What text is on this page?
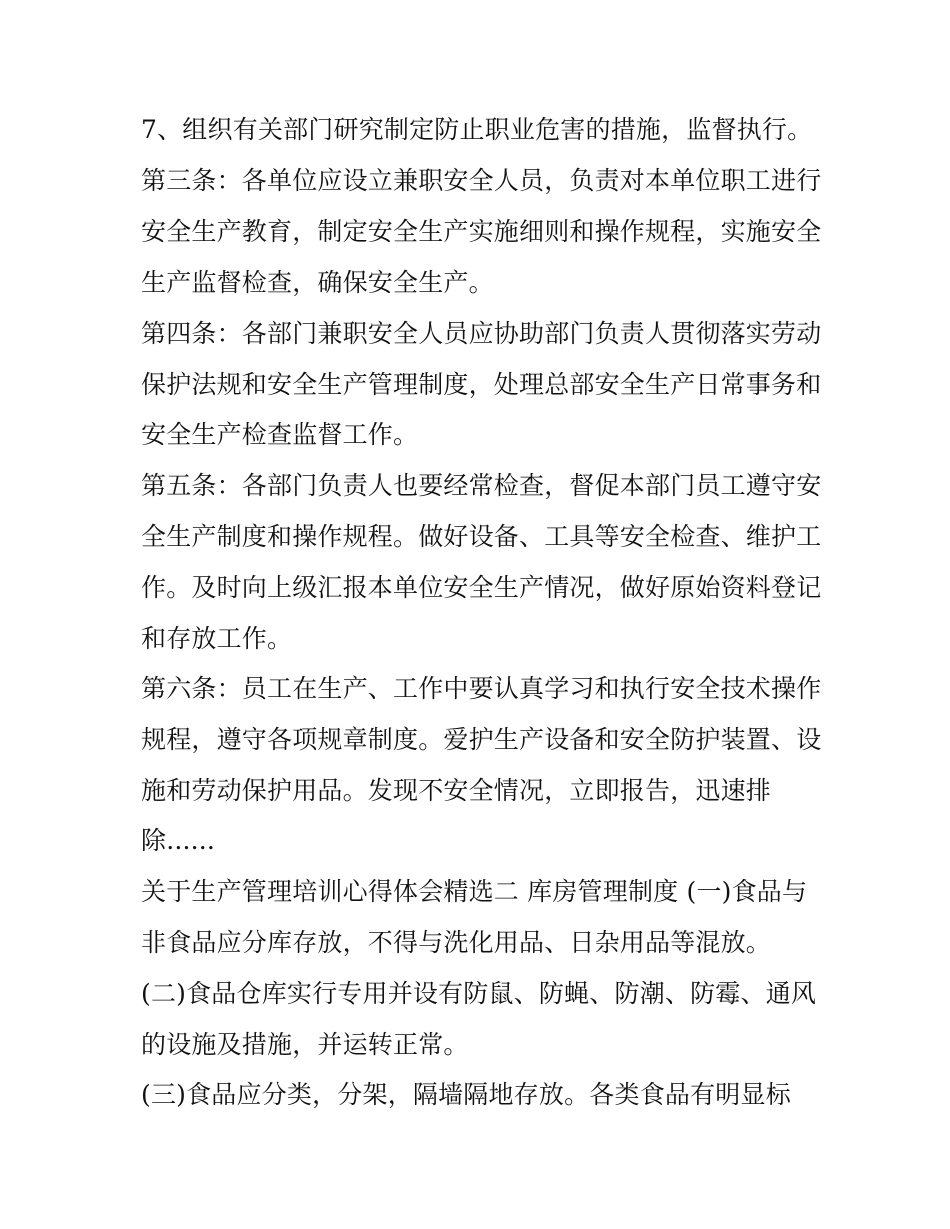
7、组织有关部门研究制定防止职业危害的措施，监督执行。
第三条：各单位应设立兼职安全人员，负责对本单位职工进行
安全生产教育，制定安全生产实施细则和操作规程，实施安全
生产监督检查，确保安全生产。
第四条：各部门兼职安全人员应协助部门负责人贯彻落实劳动
保护法规和安全生产管理制度，处理总部安全生产日常事务和
安全生产检查监督工作。
第五条：各部门负责人也要经常检查，督促本部门员工遵守安
全生产制度和操作规程。做好设备、工具等安全检查、维护工
作。及时向上级汇报本单位安全生产情况，做好原始资料登记
和存放工作。
第六条：员工在生产、工作中要认真学习和执行安全技术操作
规程，遵守各项规章制度。爱护生产设备和安全防护装置、设
施和劳动保护用品。发现不安全情况，立即报告，迅速排
除......
关于生产管理培训心得体会精选二 库房管理制度 (一)食品与
非食品应分库存放，不得与洗化用品、日杂用品等混放。
(二)食品仓库实行专用并设有防鼠、防蝇、防潮、防霉、通风
的设施及措施，并运转正常。
(三)食品应分类，分架，隔墙隔地存放。各类食品有明显标
